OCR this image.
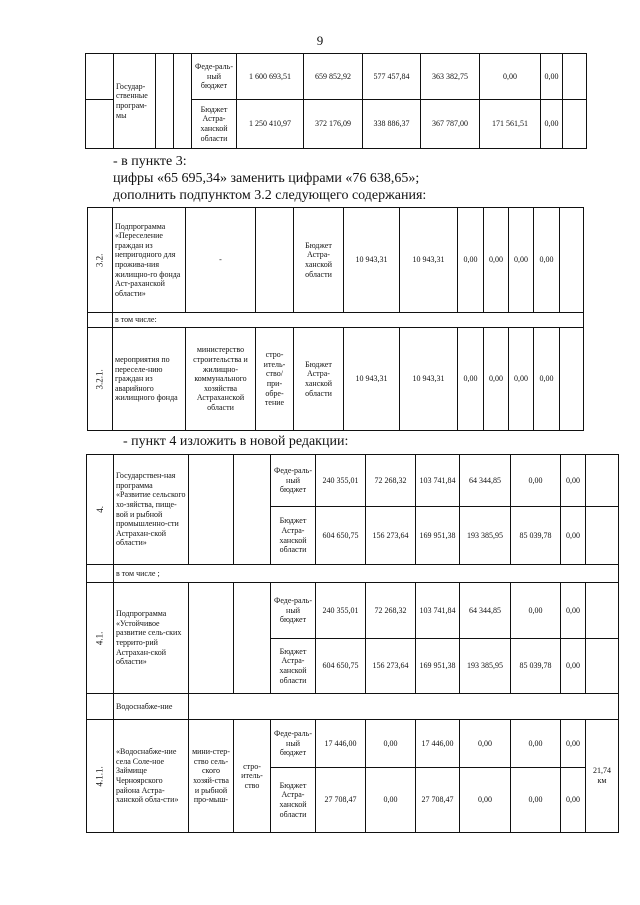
9
	Государ-ственные програм-мы			Феде-раль-ный бюджет	1 600 693,51	659 852,92	577 457,84	363 382,75	0,00	0,00	
				Бюджет Астра-ханской области	1 250 410,97	372 176,09	338 886,37	367 787,00	171 561,51	0,00	
- в пункте 3:
цифры «65 695,34» заменить цифрами «76 638,65»;
дополнить подпунктом 3.2 следующего содержания:
3.2.	Подпрограмма «Переселение граждан из непригодного для прожива-ния жилищно-го фонда Аст-раханской области»	-		Бюджет Астра-ханской области	10 943,31	10 943,31	0,00	0,00	0,00	0,00	
	в том числе:										
3.2.1.	мероприятия по переселе-нию граждан из аварийного жилищного фонда	министерство строительства и жилищно-коммунального хозяйства Астраханской области	стро-итель-ство/ при-обре-тение	Бюджет Астра-ханской области	10 943,31	10 943,31	0,00	0,00	0,00	0,00	
- пункт 4 изложить в новой редакции:
4.	Государствен-ная программа «Развитие сельского хо-зяйства, пище-вой и рыбной промышленно-сти Астрахан-ской области»			Феде-раль-ный бюджет	240 355,01	72 268,32	103 741,84	64 344,85	0,00	0,00	
				Бюджет Астра-ханской области	604 650,75	156 273,64	169 951,38	193 385,95	85 039,78	0,00	
	в том числе ;										
4.1.	Подпрограмма «Устойчивое развитие сель-ских террито-рий Астрахан-ской области»			Феде-раль-ный бюджет	240 355,01	72 268,32	103 741,84	64 344,85	0,00	0,00	
				Бюджет Астра-ханской области	604 650,75	156 273,64	169 951,38	193 385,95	85 039,78	0,00	
	Водоснабже-ние										
4.1.1.	«Водоснабже-ние села Соле-ное Займище Черноярского района Астра-ханской обла-сти»	мини-стер-ство сель-ского хозяй-ства и рыбной про-мыш-	стро-итель-ство	Феде-раль-ный бюджет	17 446,00	0,00	17 446,00	0,00	0,00	0,00	21,74 км
				Бюджет Астра-ханской области	27 708,47	0,00	27 708,47	0,00	0,00	0,00	
